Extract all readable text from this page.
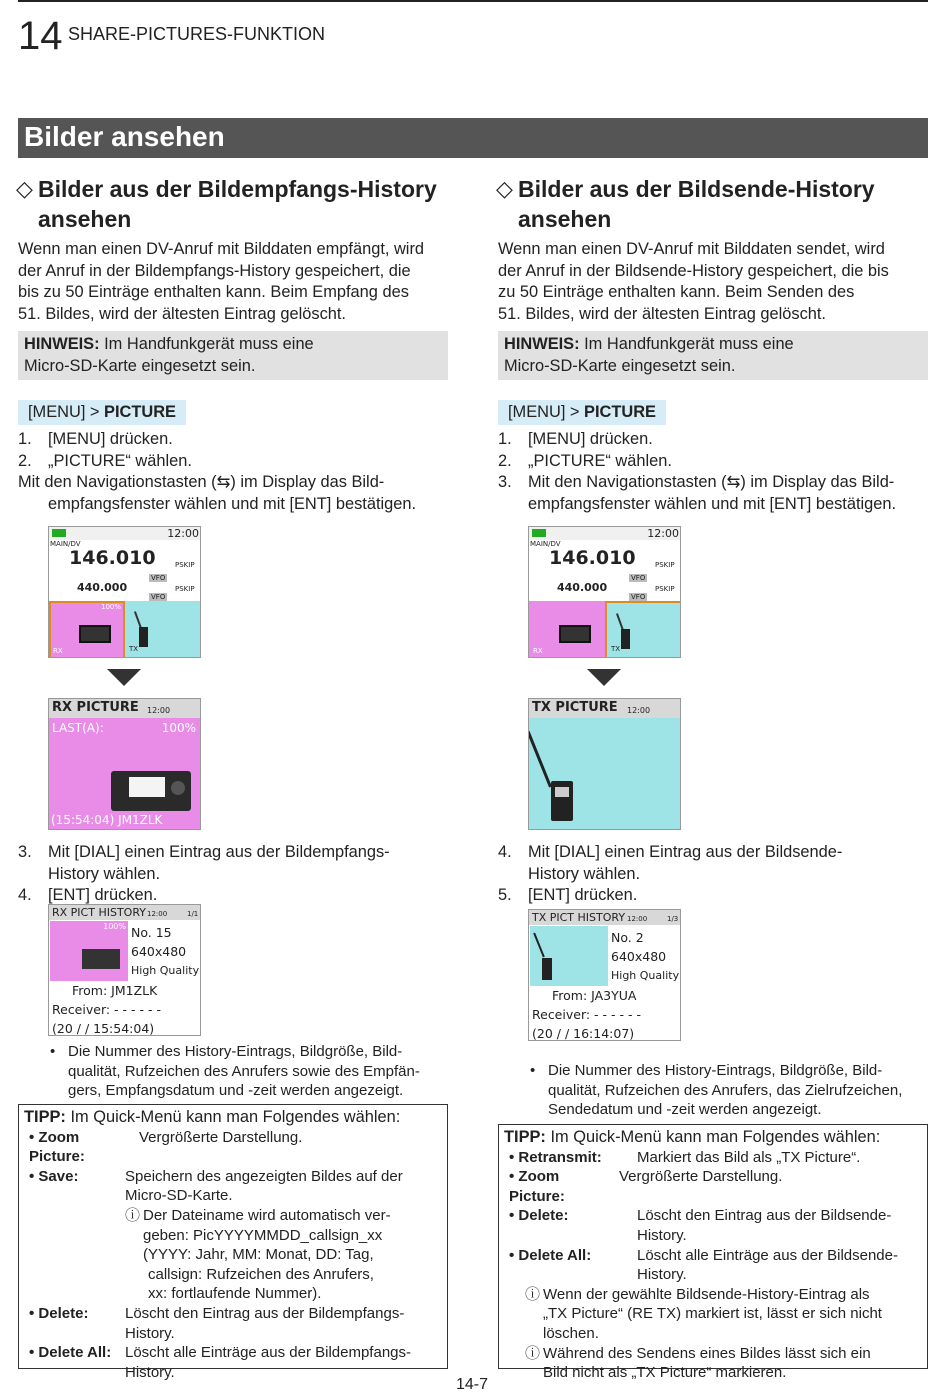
14 SHARE-PICTURES-FUNKTION
Bilder ansehen
◇ Bilder aus der Bildempfangs-History
ansehen
Wenn man einen DV-Anruf mit Bilddaten empfängt, wird
der Anruf in der Bildempfangs-History gespeichert, die
bis zu 50 Einträge enthalten kann. Beim Empfang des
51. Bildes, wird der ältesten Eintrag gelöscht.
HINWEIS: Im Handfunkgerät muss eine
Micro-SD-Karte eingesetzt sein.
[MENU] > PICTURE
1. [MENU] drücken.
2. „PICTURE“ wählen.
Mit den Navigationstasten (⇆) im Display das Bild-
empfangsfenster wählen und mit [ENT] bestätigen.
12:00
MAIN/DV
146.010	PSKIP
VFO
440.000	PSKIP
VFO
100%
RX	TX
RX PICTURE 12:00
LAST(A):	100%
(15:54:04) JM1ZLK
3. Mit [DIAL] einen Eintrag aus der Bildempfangs-
History wählen.
4. [ENT] drücken.
RX PICT HISTORY 12:00	1/1
100% No. 15
640x480
High Quality
From: JM1ZLK
Receiver: - - - - - -
(20 / / 15:54:04)
• Die Nummer des History-Eintrags, Bildgröße, Bild-
qualität, Rufzeichen des Anrufers sowie des Empfän-
gers, Empfangsdatum und -zeit werden angezeigt.
TIPP: Im Quick-Menü kann man Folgendes wählen:
• Zoom Picture:
Vergrößerte Darstellung.
• Save:	Speichern des angezeigten Bildes auf der
Micro-SD-Karte.
ⓘ Der Dateiname wird automatisch ver-
geben: PicYYYYMMDD_callsign_xx
(YYYY: Jahr, MM: Monat, DD: Tag,
callsign: Rufzeichen des Anrufers,
xx: fortlaufende Nummer).
• Delete:	Löscht den Eintrag aus der Bildempfangs-
History.
• Delete All: Löscht alle Einträge aus der Bildempfangs-
History.
◇ Bilder aus der Bildsende-History
ansehen
Wenn man einen DV-Anruf mit Bilddaten sendet, wird
der Anruf in der Bildsende-History gespeichert, die bis
zu 50 Einträge enthalten kann. Beim Senden des
51. Bildes, wird der ältesten Eintrag gelöscht.
HINWEIS: Im Handfunkgerät muss eine
Micro-SD-Karte eingesetzt sein.
[MENU] > PICTURE
1. [MENU] drücken.
2. „PICTURE“ wählen.
3. Mit den Navigationstasten (⇆) im Display das Bild-
empfangsfenster wählen und mit [ENT] bestätigen.
12:00
MAIN/DV
146.010	PSKIP
VFO
440.000	PSKIP
VFO
RX	TX
TX PICTURE 12:00
4. Mit [DIAL] einen Eintrag aus der Bildsende-
History wählen.
5. [ENT] drücken.
TX PICT HISTORY 12:00	1/3
No. 2
640x480
High Quality
From: JA3YUA
Receiver: - - - - - -
(20 / / 16:14:07)
• Die Nummer des History-Eintrags, Bildgröße, Bild-
qualität, Rufzeichen des Anrufers, das Zielrufzeichen,
Sendedatum und -zeit werden angezeigt.
TIPP: Im Quick-Menü kann man Folgendes wählen:
• Retransmit:	Markiert das Bild als „TX Picture“.
• Zoom Picture:
Vergrößerte Darstellung.
• Delete:	Löscht den Eintrag aus der Bildsende-
History.
• Delete All:	Löscht alle Einträge aus der Bildsende-
History.
ⓘ Wenn der gewählte Bildsende-History-Eintrag als
„TX Picture“ (RE TX) markiert ist, lässt er sich nicht
löschen.
ⓘ Während des Sendens eines Bildes lässt sich ein
Bild nicht als „TX Picture“ markieren.
14-7
